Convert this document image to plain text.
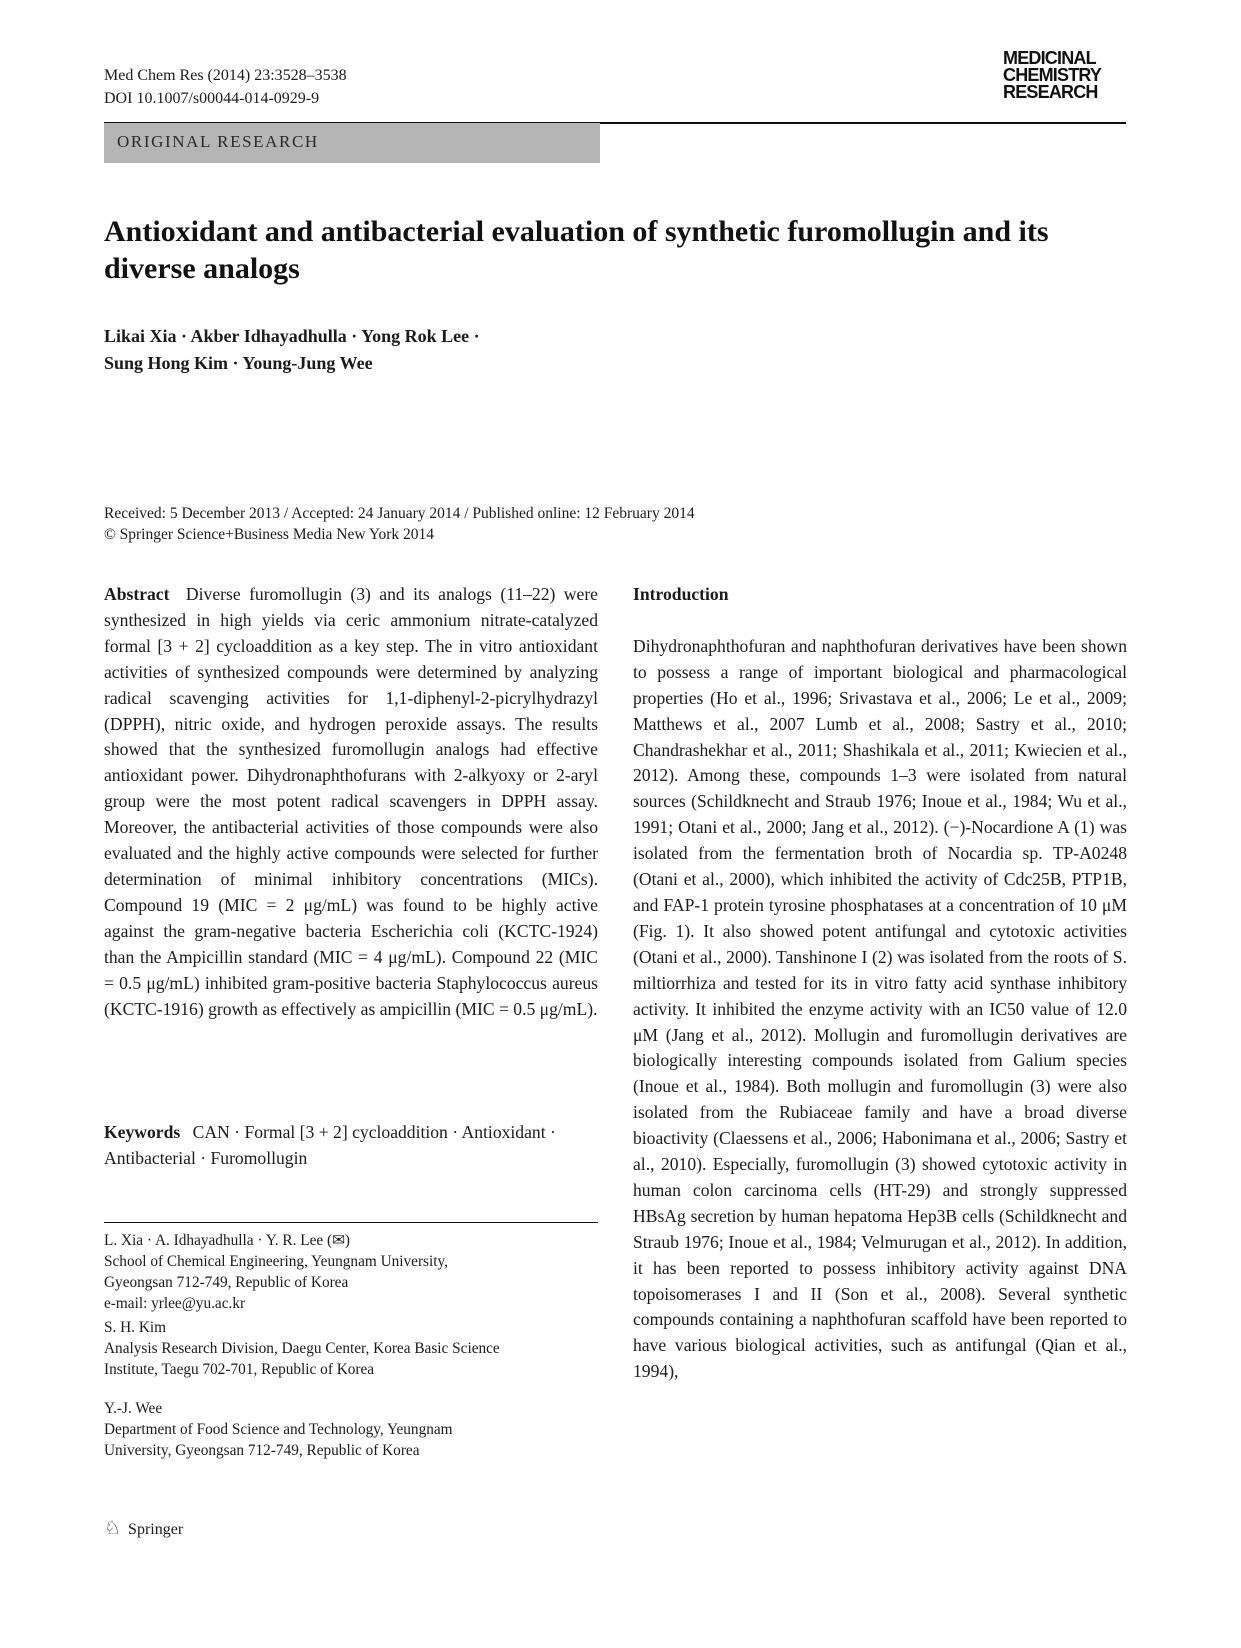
Med Chem Res (2014) 23:3528–3538
DOI 10.1007/s00044-014-0929-9
MEDICINAL
CHEMISTRY
RESEARCH
ORIGINAL RESEARCH
Antioxidant and antibacterial evaluation of synthetic furomollugin and its diverse analogs
Likai Xia · Akber Idhayadhulla · Yong Rok Lee ·
Sung Hong Kim · Young-Jung Wee
Received: 5 December 2013 / Accepted: 24 January 2014 / Published online: 12 February 2014
© Springer Science+Business Media New York 2014
Abstract Diverse furomollugin (3) and its analogs (11–22) were synthesized in high yields via ceric ammonium nitrate-catalyzed formal [3 + 2] cycloaddition as a key step. The in vitro antioxidant activities of synthesized compounds were determined by analyzing radical scavenging activities for 1,1-diphenyl-2-picrylhydrazyl (DPPH), nitric oxide, and hydrogen peroxide assays. The results showed that the synthesized furomollugin analogs had effective antioxidant power. Dihydronaphthofurans with 2-alkyoxy or 2-aryl group were the most potent radical scavengers in DPPH assay. Moreover, the antibacterial activities of those compounds were also evaluated and the highly active compounds were selected for further determination of minimal inhibitory concentrations (MICs). Compound 19 (MIC = 2 μg/mL) was found to be highly active against the gram-negative bacteria Escherichia coli (KCTC-1924) than the Ampicillin standard (MIC = 4 μg/mL). Compound 22 (MIC = 0.5 μg/mL) inhibited gram-positive bacteria Staphylococcus aureus (KCTC-1916) growth as effectively as ampicillin (MIC = 0.5 μg/mL).
Keywords CAN · Formal [3 + 2] cycloaddition · Antioxidant · Antibacterial · Furomollugin
L. Xia · A. Idhayadhulla · Y. R. Lee (✉)
School of Chemical Engineering, Yeungnam University,
Gyeongsan 712-749, Republic of Korea
e-mail: yrlee@yu.ac.kr
S. H. Kim
Analysis Research Division, Daegu Center, Korea Basic Science
Institute, Taegu 702-701, Republic of Korea
Y.-J. Wee
Department of Food Science and Technology, Yeungnam
University, Gyeongsan 712-749, Republic of Korea
Introduction
Dihydronaphthofuran and naphthofuran derivatives have been shown to possess a range of important biological and pharmacological properties (Ho et al., 1996; Srivastava et al., 2006; Le et al., 2009; Matthews et al., 2007 Lumb et al., 2008; Sastry et al., 2010; Chandrashekhar et al., 2011; Shashikala et al., 2011; Kwiecien et al., 2012). Among these, compounds 1–3 were isolated from natural sources (Schildknecht and Straub 1976; Inoue et al., 1984; Wu et al., 1991; Otani et al., 2000; Jang et al., 2012). (−)-Nocardione A (1) was isolated from the fermentation broth of Nocardia sp. TP-A0248 (Otani et al., 2000), which inhibited the activity of Cdc25B, PTP1B, and FAP-1 protein tyrosine phosphatases at a concentration of 10 μM (Fig. 1). It also showed potent antifungal and cytotoxic activities (Otani et al., 2000). Tanshinone I (2) was isolated from the roots of S. miltiorrhiza and tested for its in vitro fatty acid synthase inhibitory activity. It inhibited the enzyme activity with an IC50 value of 12.0 μM (Jang et al., 2012). Mollugin and furomollugin derivatives are biologically interesting compounds isolated from Galium species (Inoue et al., 1984). Both mollugin and furomollugin (3) were also isolated from the Rubiaceae family and have a broad diverse bioactivity (Claessens et al., 2006; Habonimana et al., 2006; Sastry et al., 2010). Especially, furomollugin (3) showed cytotoxic activity in human colon carcinoma cells (HT-29) and strongly suppressed HBsAg secretion by human hepatoma Hep3B cells (Schildknecht and Straub 1976; Inoue et al., 1984; Velmurugan et al., 2012). In addition, it has been reported to possess inhibitory activity against DNA topoisomerases I and II (Son et al., 2008). Several synthetic compounds containing a naphthofuran scaffold have been reported to have various biological activities, such as antifungal (Qian et al., 1994),
♘ Springer
